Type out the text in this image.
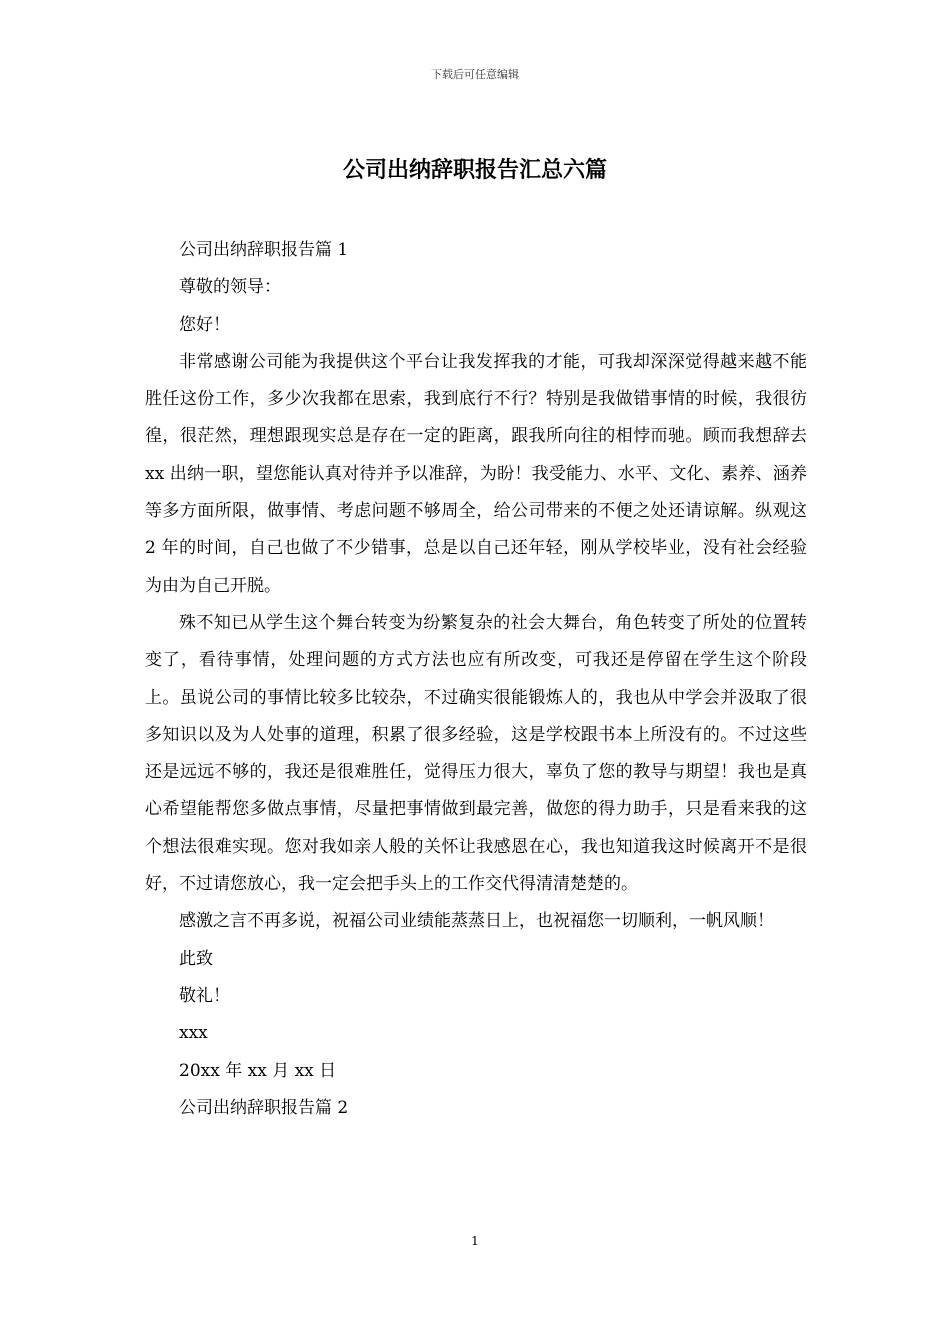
下载后可任意编辑
公司出纳辞职报告汇总六篇

公司出纳辞职报告篇 1

尊敬的领导：

您好！

非常感谢公司能为我提供这个平台让我发挥我的才能，可我却深深觉得越来越不能胜任这份工作，多少次我都在思索，我到底行不行？特别是我做错事情的时候，我很彷徨，很茫然，理想跟现实总是存在一定的距离，跟我所向往的相悖而驰。顾而我想辞去 xx 出纳一职，望您能认真对待并予以准辞，为盼！我受能力、水平、文化、素养、涵养等多方面所限，做事情、考虑问题不够周全，给公司带来的不便之处还请谅解。纵观这 2 年的时间，自己也做了不少错事，总是以自己还年轻，刚从学校毕业，没有社会经验为由为自己开脱。

殊不知已从学生这个舞台转变为纷繁复杂的社会大舞台，角色转变了所处的位置转变了，看待事情，处理问题的方式方法也应有所改变，可我还是停留在学生这个阶段上。虽说公司的事情比较多比较杂，不过确实很能锻炼人的，我也从中学会并汲取了很多知识以及为人处事的道理，积累了很多经验，这是学校跟书本上所没有的。不过这些还是远远不够的，我还是很难胜任，觉得压力很大，辜负了您的教导与期望！我也是真心希望能帮您多做点事情，尽量把事情做到最完善，做您的得力助手，只是看来我的这个想法很难实现。您对我如亲人般的关怀让我感恩在心，我也知道我这时候离开不是很好，不过请您放心，我一定会把手头上的工作交代得清清楚楚的。

感激之言不再多说，祝福公司业绩能蒸蒸日上，也祝福您一切顺利，一帆风顺！

此致

敬礼！

xxx

20xx 年 xx 月 xx 日

公司出纳辞职报告篇 2

1
